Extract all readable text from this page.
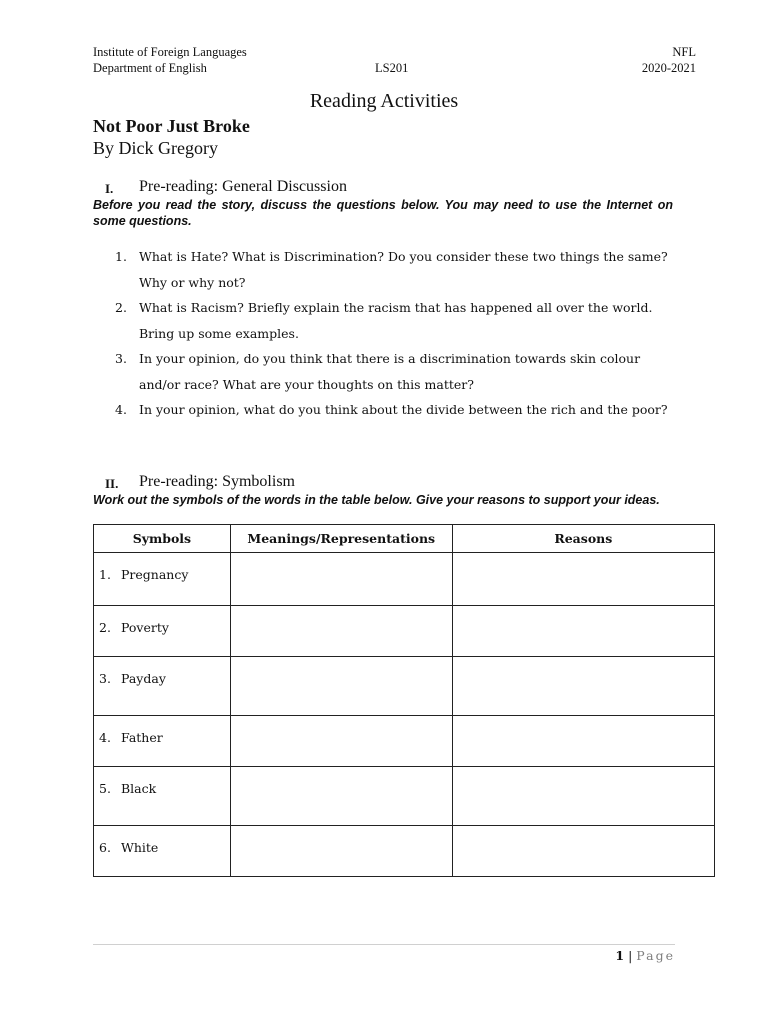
Institute of Foreign Languages
Department of English	LS201
NFL
2020-2021
Reading Activities
Not Poor Just Broke
By Dick Gregory
I.	Pre-reading: General Discussion
Before you read the story, discuss the questions below. You may need to use the Internet on some questions.
1. What is Hate? What is Discrimination? Do you consider these two things the same? Why or why not?
2. What is Racism? Briefly explain the racism that has happened all over the world. Bring up some examples.
3. In your opinion, do you think that there is a discrimination towards skin colour and/or race? What are your thoughts on this matter?
4. In your opinion, what do you think about the divide between the rich and the poor?
II.	Pre-reading: Symbolism
Work out the symbols of the words in the table below. Give your reasons to support your ideas.
Symbols	Meanings/Representations	Reasons

1. Pregnancy		

2. Poverty		

3. Payday		

4. Father		

5. Black		

6. White		

1 | Page
